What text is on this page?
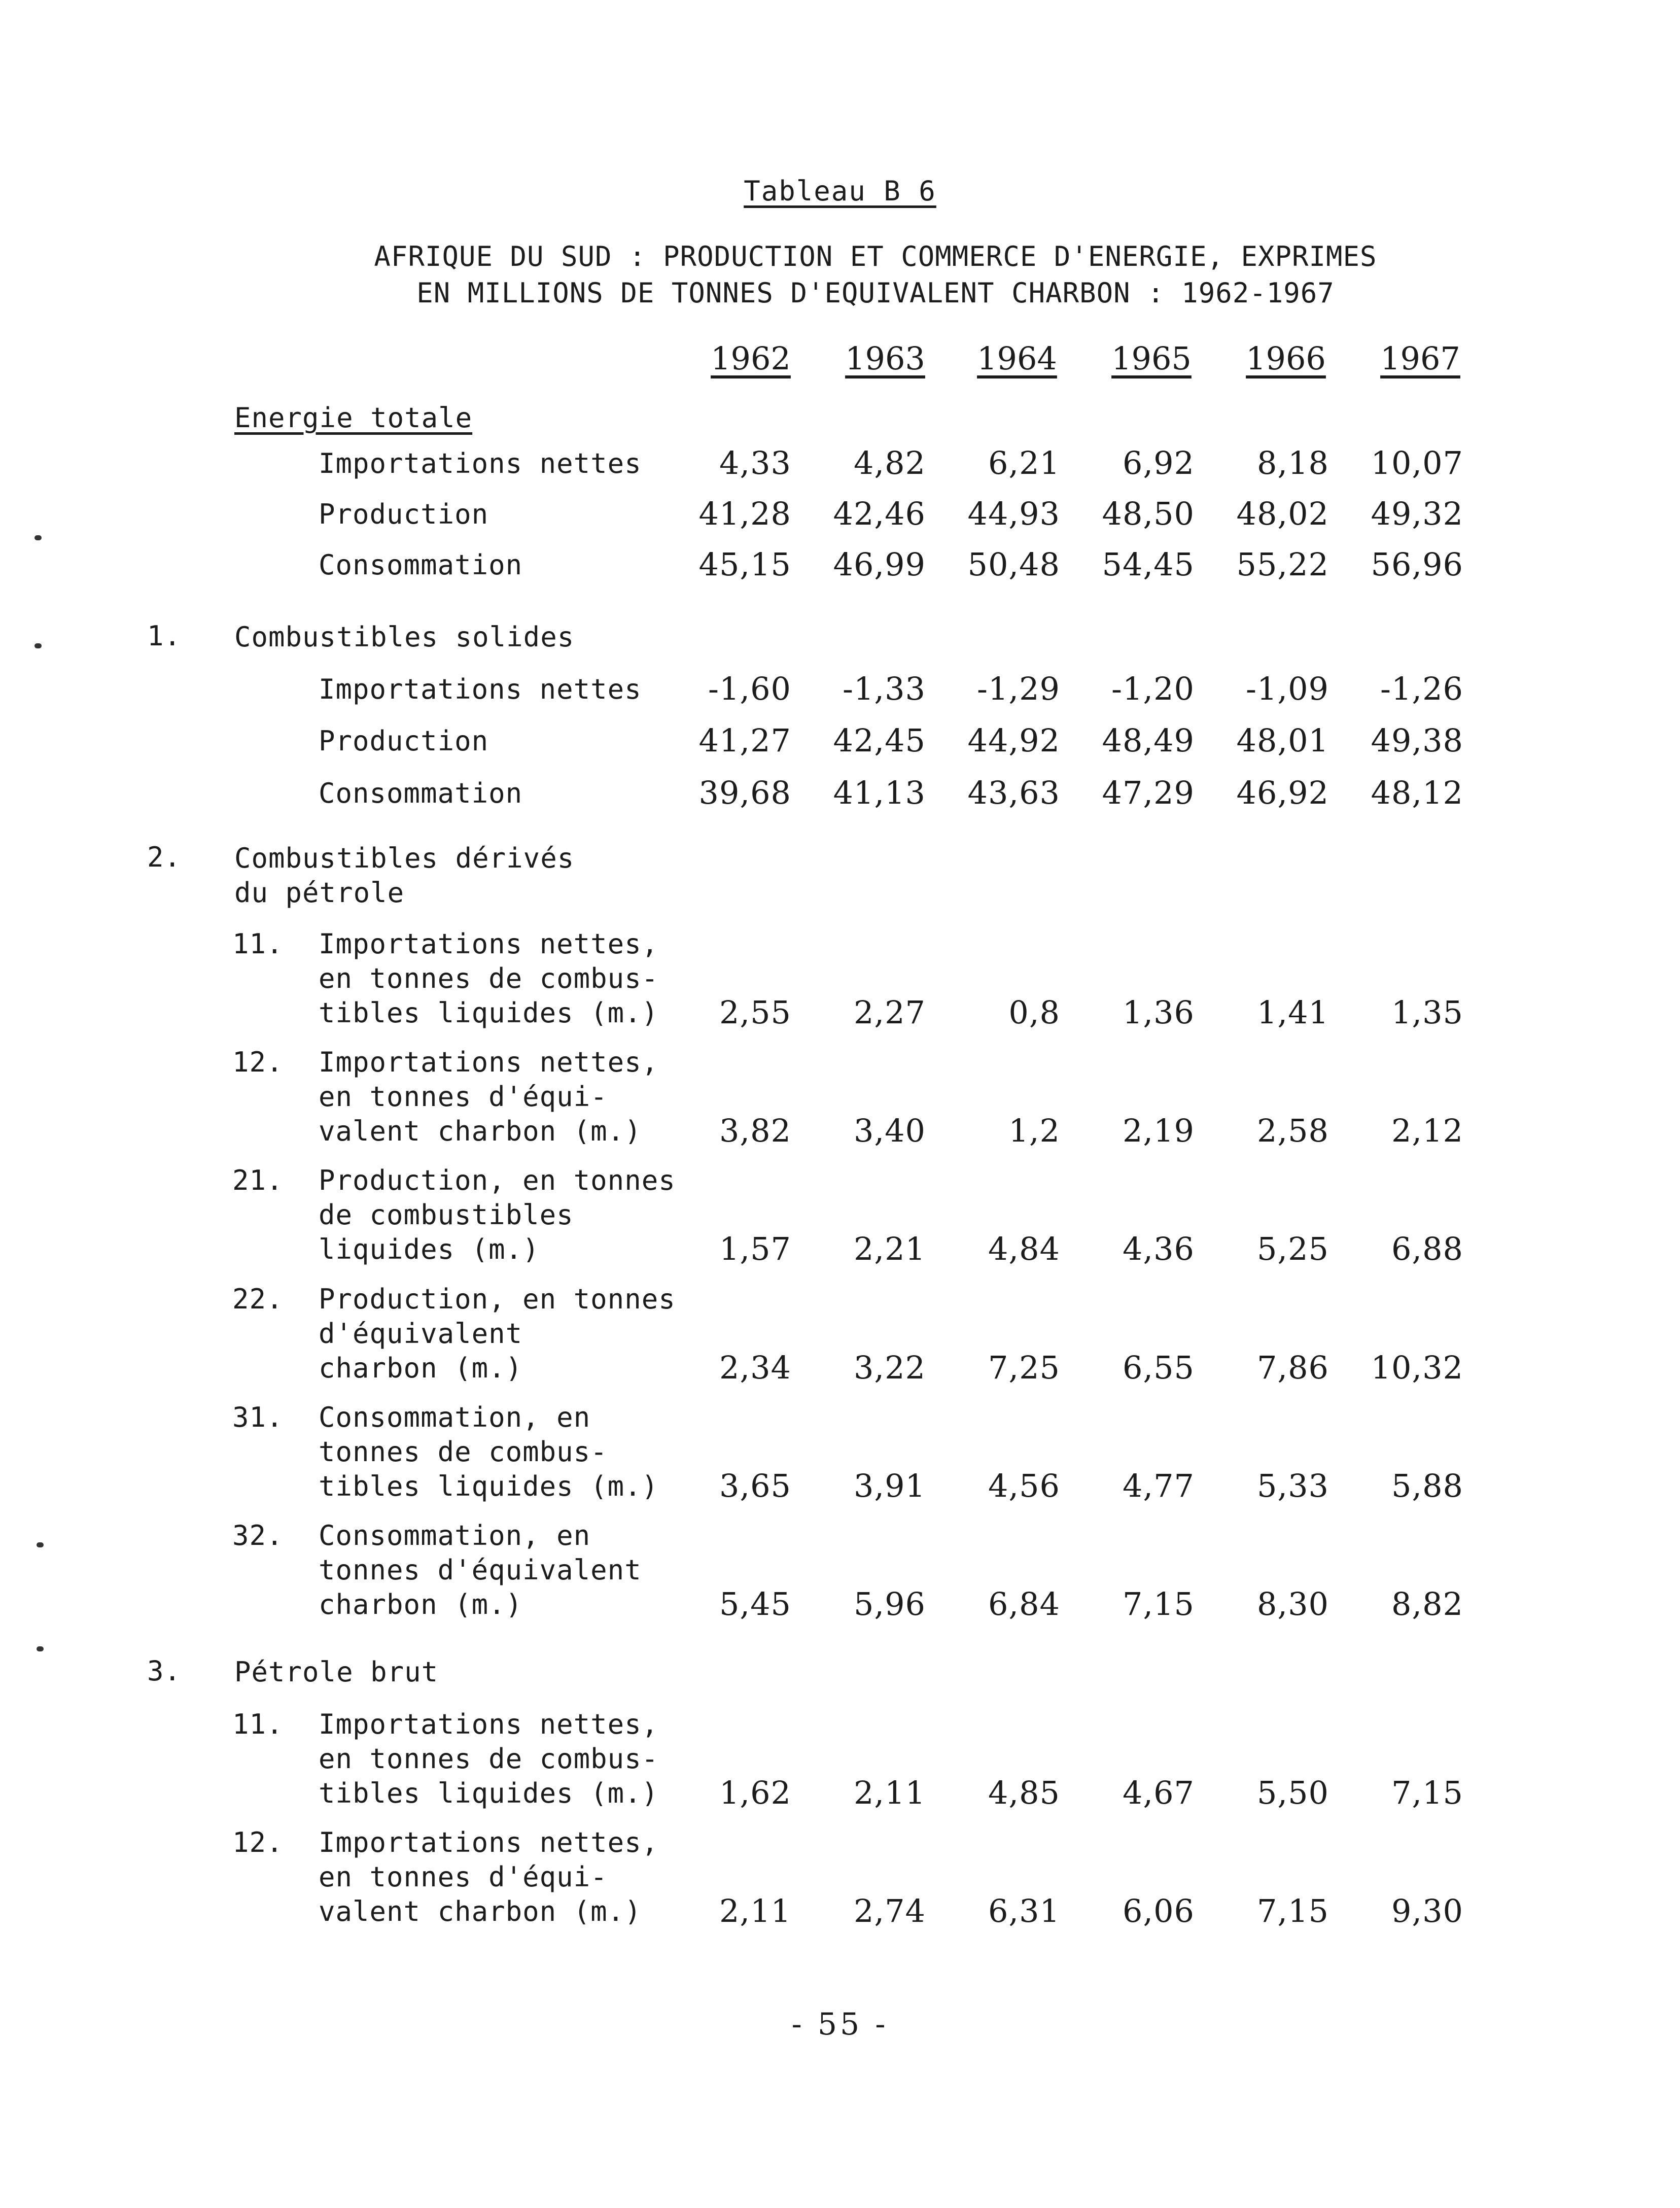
Tableau B 6
AFRIQUE DU SUD : PRODUCTION ET COMMERCE D'ENERGIE, EXPRIMES
EN MILLIONS DE TONNES D'EQUIVALENT CHARBON : 1962-1967
1962	1963	1964	1965	1966	1967
Energie totale
Importations nettes	4,33	4,82	6,21	6,92	8,18	10,07
Production	41,28	42,46	44,93	48,50	48,02	49,32
Consommation	45,15	46,99	50,48	54,45	55,22	56,96
1.	Combustibles solides
Importations nettes	-1,60	-1,33	-1,29	-1,20	-1,09	-1,26
Production	41,27	42,45	44,92	48,49	48,01	49,38
Consommation	39,68	41,13	43,63	47,29	46,92	48,12
2.	Combustibles dérivés
du pétrole
11. Importations nettes,
en tonnes de combus-
tibles liquides (m.)	2,55	2,27	0,8	1,36	1,41	1,35
12. Importations nettes,
en tonnes d'équi-
valent charbon (m.)	3,82	3,40	1,2	2,19	2,58	2,12
21. Production, en tonnes
de combustibles
liquides (m.)	1,57	2,21	4,84	4,36	5,25	6,88
22. Production, en tonnes
d'équivalent
charbon (m.)	2,34	3,22	7,25	6,55	7,86	10,32
31. Consommation, en
tonnes de combus-
tibles liquides (m.)	3,65	3,91	4,56	4,77	5,33	5,88
32. Consommation, en
tonnes d'équivalent
charbon (m.)	5,45	5,96	6,84	7,15	8,30	8,82
3.	Pétrole brut
11. Importations nettes,
en tonnes de combus-
tibles liquides (m.)	1,62	2,11	4,85	4,67	5,50	7,15
12. Importations nettes,
en tonnes d'équi-
valent charbon (m.)	2,11	2,74	6,31	6,06	7,15	9,30
- 55 -
